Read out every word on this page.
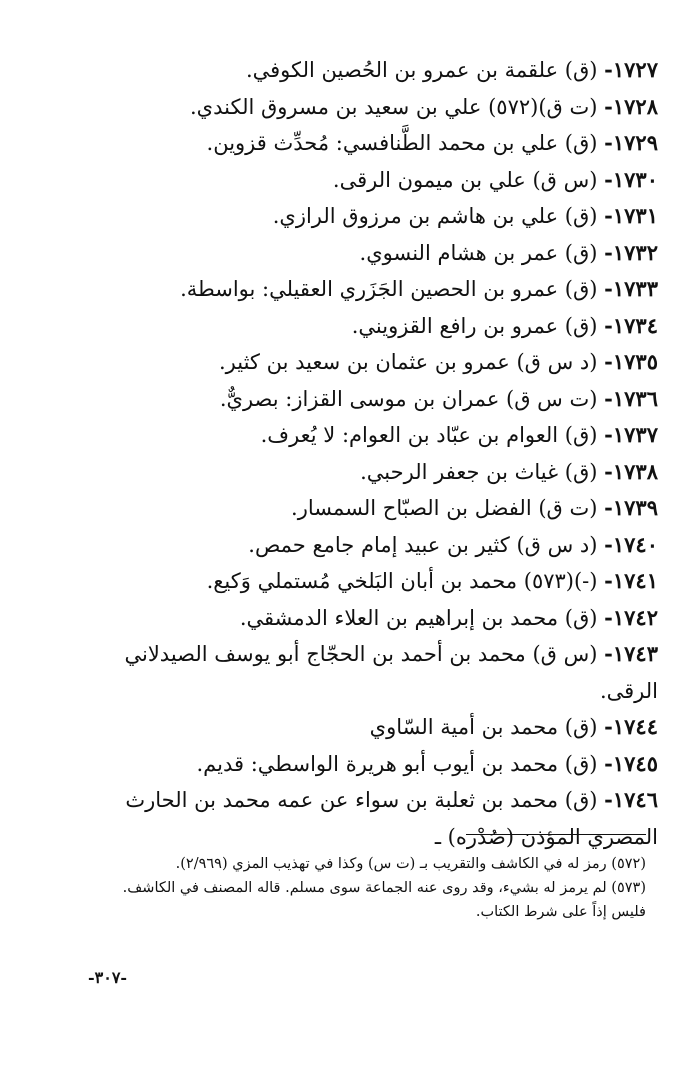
١٧٢٧- (ق) علقمة بن عمرو بن الحُصين الكوفي.
١٧٢٨- (ت ق)(٥٧٢) علي بن سعيد بن مسروق الكندي.
١٧٢٩- (ق) علي بن محمد الطَّنافسي: مُحدِّث قزوين.
١٧٣٠- (س ق) علي بن ميمون الرقى.
١٧٣١- (ق) علي بن هاشم بن مرزوق الرازي.
١٧٣٢- (ق) عمر بن هشام النسوي.
١٧٣٣- (ق) عمرو بن الحصين الجَزَري العقيلي: بواسطة.
١٧٣٤- (ق) عمرو بن رافع القزويني.
١٧٣٥- (د س ق) عمرو بن عثمان بن سعيد بن كثير.
١٧٣٦- (ت س ق) عمران بن موسى القزاز: بصريٌّ.
١٧٣٧- (ق) العوام بن عبّاد بن العوام: لا يُعرف.
١٧٣٨- (ق) غياث بن جعفر الرحبي.
١٧٣٩- (ت ق) الفضل بن الصبّاح السمسار.
١٧٤٠- (د س ق) كثير بن عبيد إمام جامع حمص.
١٧٤١- (-)(٥٧٣) محمد بن أبان البَلخي مُستملي وَكيع.
١٧٤٢- (ق) محمد بن إبراهيم بن العلاء الدمشقي.
١٧٤٣- (س ق) محمد بن أحمد بن الحجّاج أبو يوسف الصيدلاني
الرقى.
١٧٤٤- (ق) محمد بن أمية السّاوي
١٧٤٥- (ق) محمد بن أيوب أبو هريرة الواسطي: قديم.
١٧٤٦- (ق) محمد بن ثعلبة بن سواء عن عمه محمد بن الحارث
المصري المؤذن (صُدْره) ـ
(٥٧٢) رمز له في الكاشف والتقريب بـ (ت س) وكذا في تهذيب المزي (٢/٩٦٩).
(٥٧٣) لم يرمز له بشيء، وقد روى عنه الجماعة سوى مسلم. قاله المصنف في الكاشف.
فليس إذاً على شرط الكتاب.
-٣٠٧-
